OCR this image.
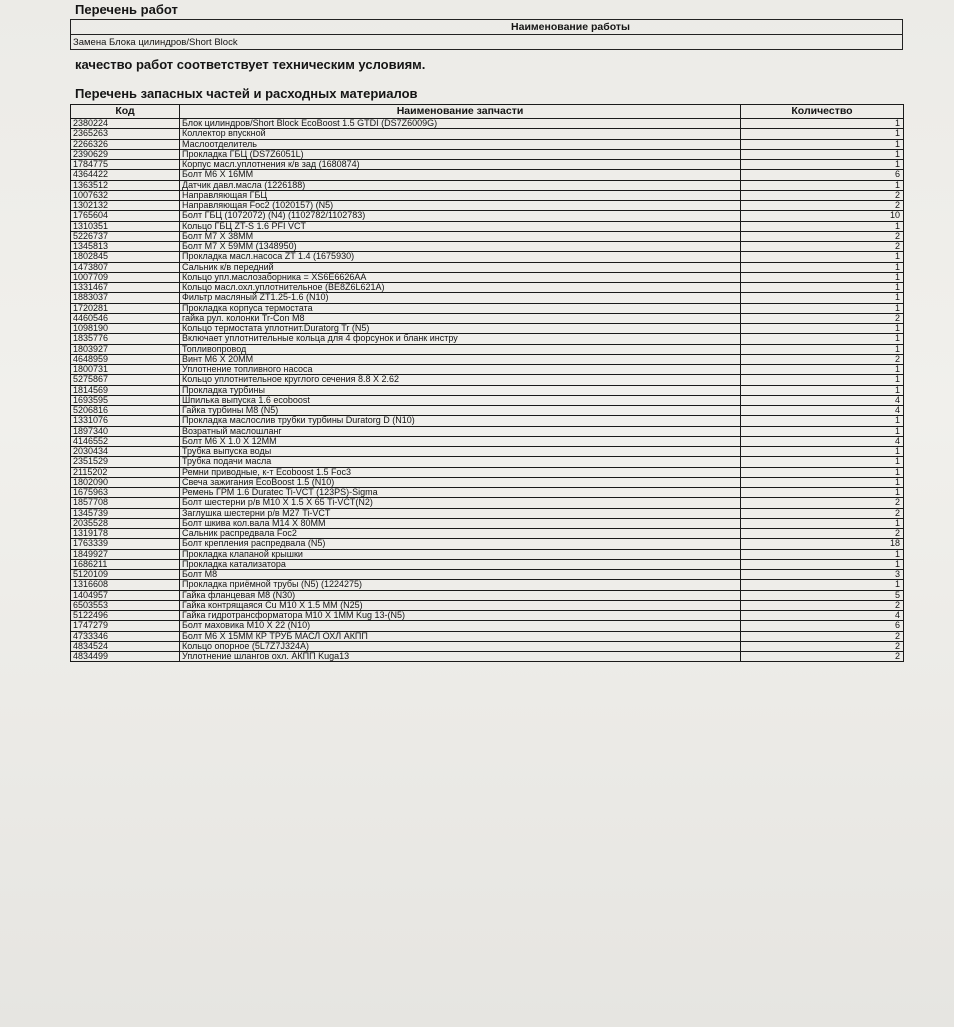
Перечень работ
Наименование работы
Замена Блока цилиндров/Short Block
качество работ соответствует техническим условиям.
Перечень запасных частей и расходных материалов
Код	Наименование запчасти	Количество
2380224	Блок цилиндров/Short Block EcoBoost 1.5 GTDI (DS7Z6009G)	1
2365263	Коллектор впускной	1
2266326	Маслоотделитель	1
2390629	Прокладка ГБЦ (DS7Z6051L)	1
1784775	Корпус масл.уплотнения к/в зад (1680874)	1
4364422	Болт М6 Х 16ММ	6
1363512	Датчик давл.масла (1226188)	1
1007632	Направляющая ГБЦ	2
1302132	Направляющая Foc2 (1020157) (N5)	2
1765604	Болт ГБЦ (1072072) (N4) (1102782/1102783)	10
1310351	Кольцо ГБЦ ZT-S 1.6 PFI VCT	1
5226737	Болт М7 Х 38ММ	2
1345813	Болт М7 Х 59ММ (1348950)	2
1802845	Прокладка масл.насоса ZT 1.4 (1675930)	1
1473807	Сальник к/в передний	1
1007709	Кольцо упл.маслозаборника = XS6E6626AA	1
1331467	Кольцо масл.охл.уплотнительное (BE8Z6L621A)	1
1883037	Фильтр масляный ZT1.25-1.6 (N10)	1
1720281	Прокладка корпуса термостата	1
4460546	гайка рул. колонки Tr-Con M8	2
1098190	Кольцо термостата уплотнит.Duratorg Tr (N5)	1
1835776	Включает уплотнительные кольца для 4 форсунок и бланк инстру	1
1803927	Топливопровод	1
4648959	Винт М6 Х 20ММ	2
1800731	Уплотнение топливного насоса	1
5275867	Кольцо уплотнительное круглого сечения 8.8 Х 2.62	1
1814569	Прокладка турбины	1
1693595	Шпилька выпуска 1.6 ecoboost	4
5206816	Гайка турбины М8 (N5)	4
1331076	Прокладка маслослив трубки турбины Duratorg D (N10)	1
1897340	Возратный маслошланг	1
4146552	Болт М6 Х 1.0 Х 12ММ	4
2030434	Трубка выпуска воды	1
2351529	Трубка подачи масла	1
2115202	Ремни приводные, к-т Ecoboost 1.5 Foc3	1
1802090	Свеча зажигания EcoBoost 1.5 (N10)	1
1675963	Ремень ГРМ 1.6 Duratec Ti-VCT (123PS)-Sigma	1
1857708	Болт шестерни р/в М10 Х 1.5 Х 65 Ti-VCT(N2)	2
1345739	Заглушка шестерни р/в М27 Ti-VCT	2
2035528	Болт шкива кол.вала М14 Х 80ММ	1
1319178	Сальник распредвала Foc2	2
1763339	Болт крепления распредвала (N5)	18
1849927	Прокладка клапаной крышки	1
1686211	Прокладка катализатора	1
5120109	Болт М8	3
1316608	Прокладка приёмной трубы (N5) (1224275)	1
1404957	Гайка фланцевая М8 (N30)	5
6503553	Гайка контрящаяся Cu M10 X 1.5 MM (N25)	2
5122496	Гайка гидротрансформатора М10 Х 1ММ Kug 13-(N5)	4
1747279	Болт маховика М10 Х 22 (N10)	6
4733346	Болт М6 Х 15ММ КР ТРУБ МАСЛ ОХЛ АКПП	2
4834524	Кольцо опорное (5L7Z7J324A)	2
4834499	Уплотнение шлангов охл. АКПП Kuga13	2
